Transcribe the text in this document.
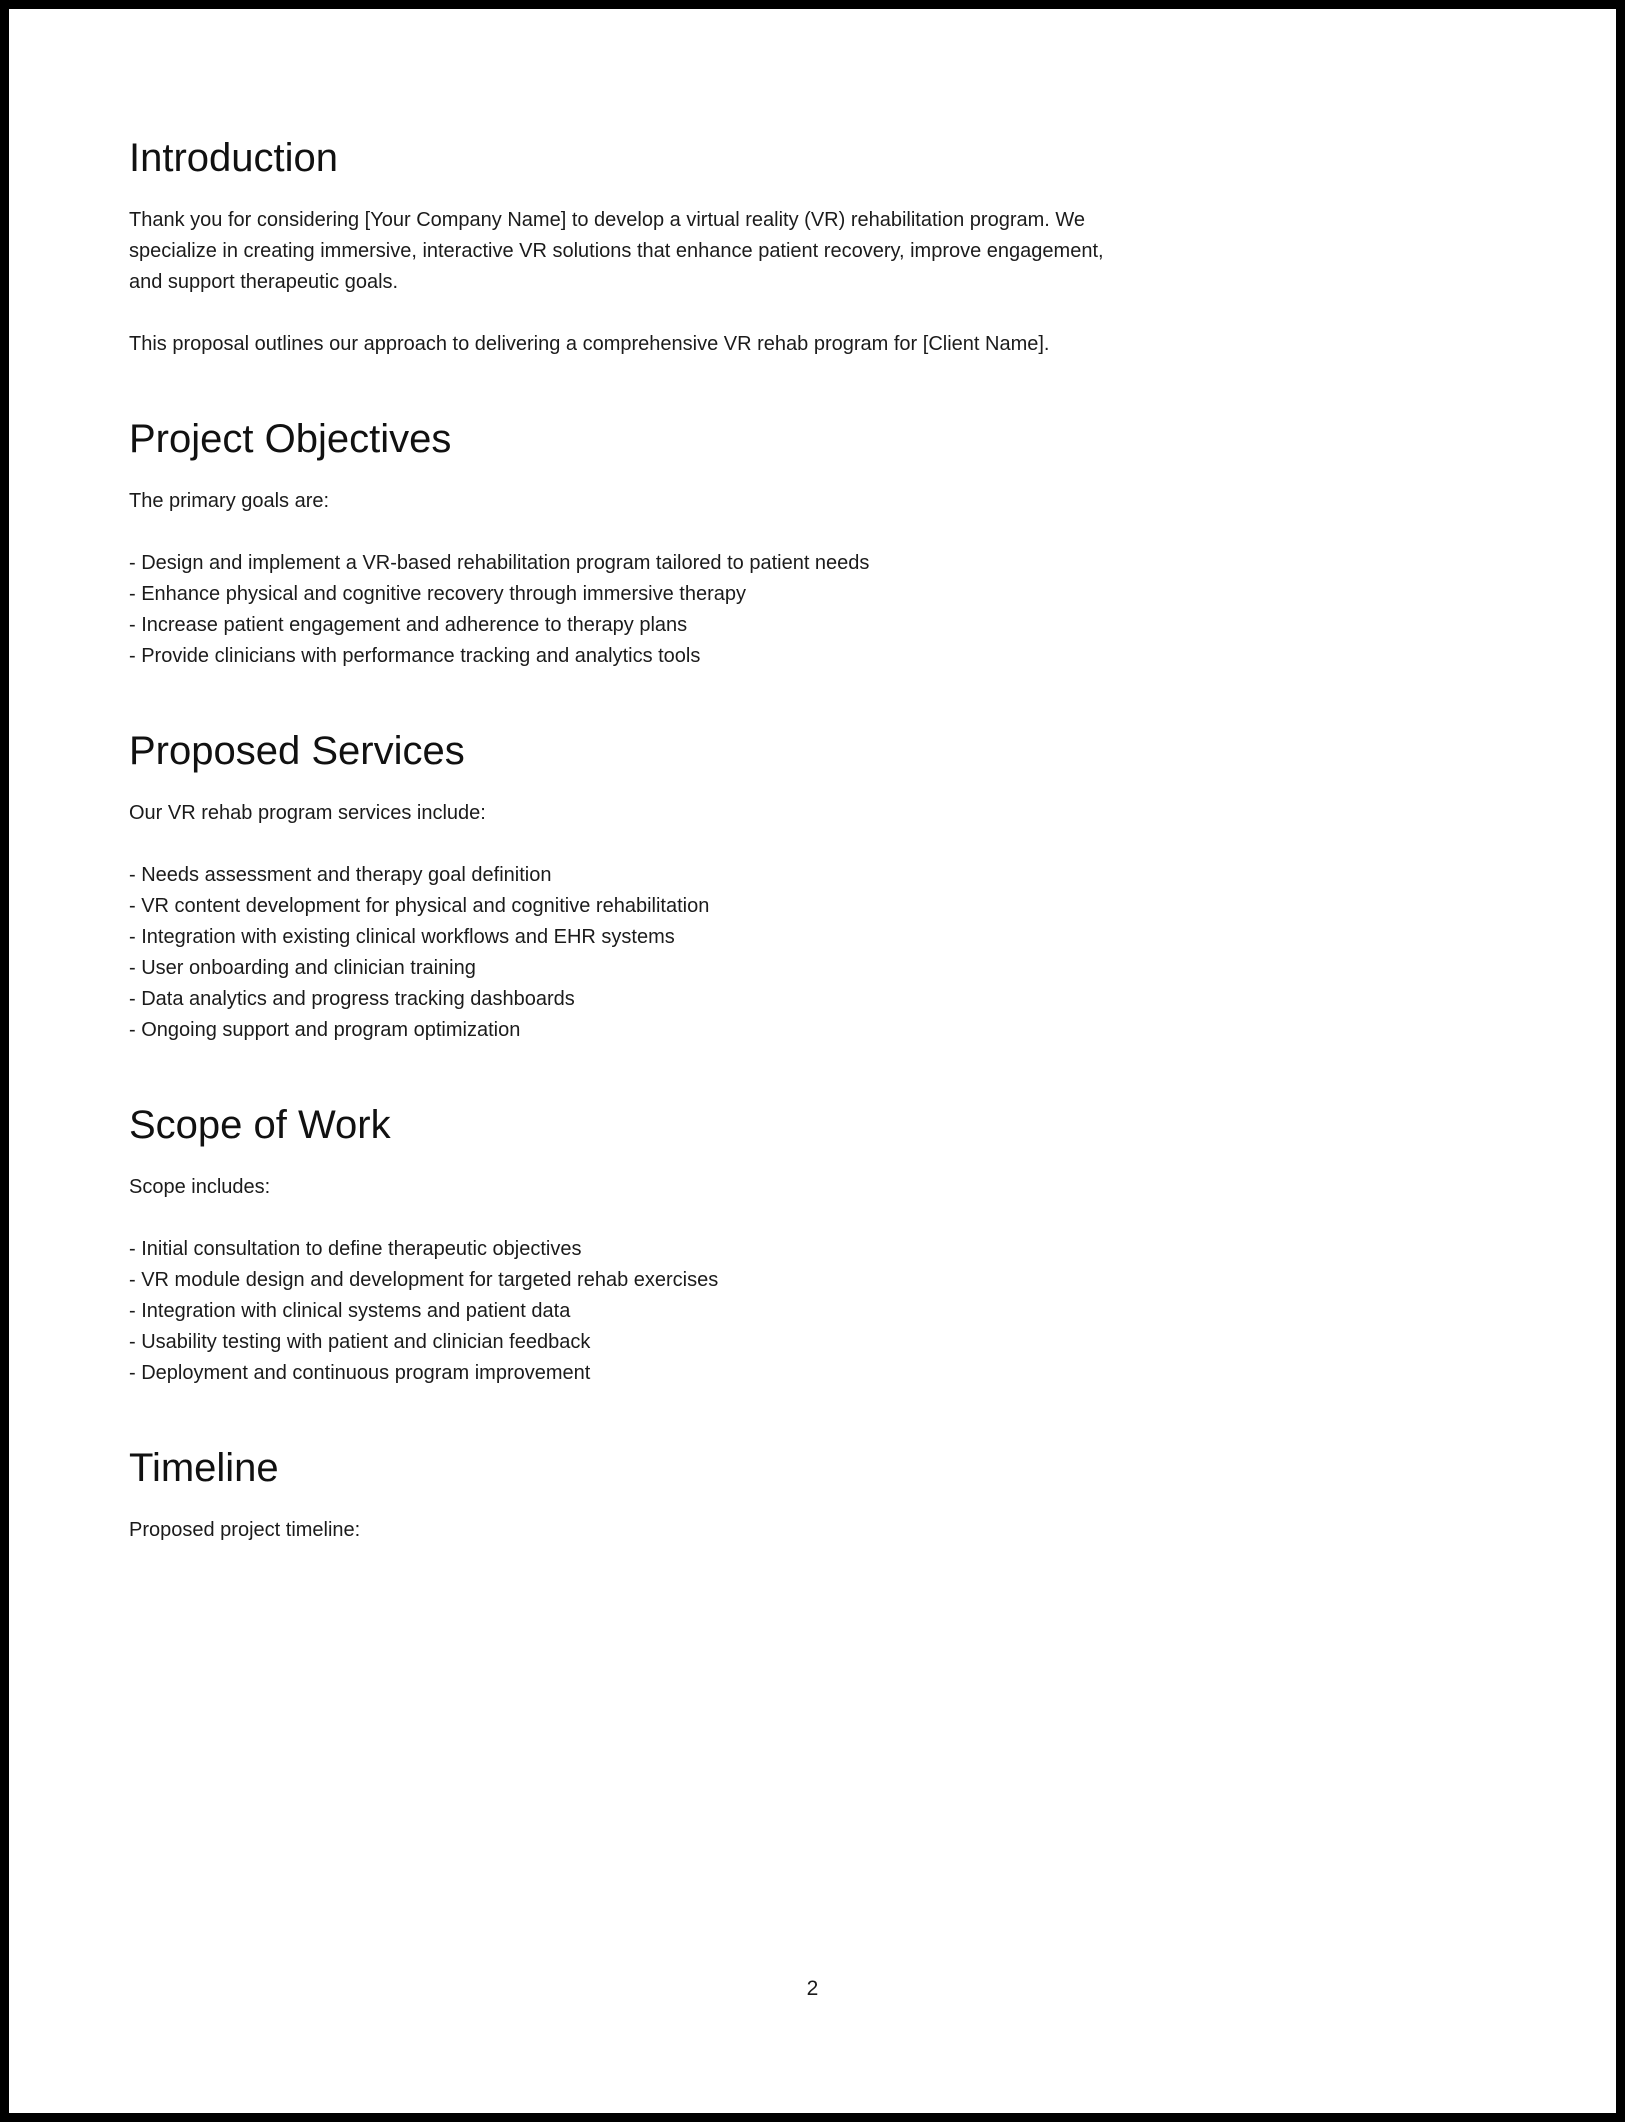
Introduction

Thank you for considering [Your Company Name] to develop a virtual reality (VR) rehabilitation program. We specialize in creating immersive, interactive VR solutions that enhance patient recovery, improve engagement, and support therapeutic goals.

This proposal outlines our approach to delivering a comprehensive VR rehab program for [Client Name].

Project Objectives

The primary goals are:

- Design and implement a VR-based rehabilitation program tailored to patient needs

- Enhance physical and cognitive recovery through immersive therapy

- Increase patient engagement and adherence to therapy plans

- Provide clinicians with performance tracking and analytics tools

Proposed Services

Our VR rehab program services include:

- Needs assessment and therapy goal definition

- VR content development for physical and cognitive rehabilitation

- Integration with existing clinical workflows and EHR systems

- User onboarding and clinician training

- Data analytics and progress tracking dashboards

- Ongoing support and program optimization

Scope of Work

Scope includes:

- Initial consultation to define therapeutic objectives

- VR module design and development for targeted rehab exercises

- Integration with clinical systems and patient data

- Usability testing with patient and clinician feedback

- Deployment and continuous program improvement

Timeline

Proposed project timeline:

2
